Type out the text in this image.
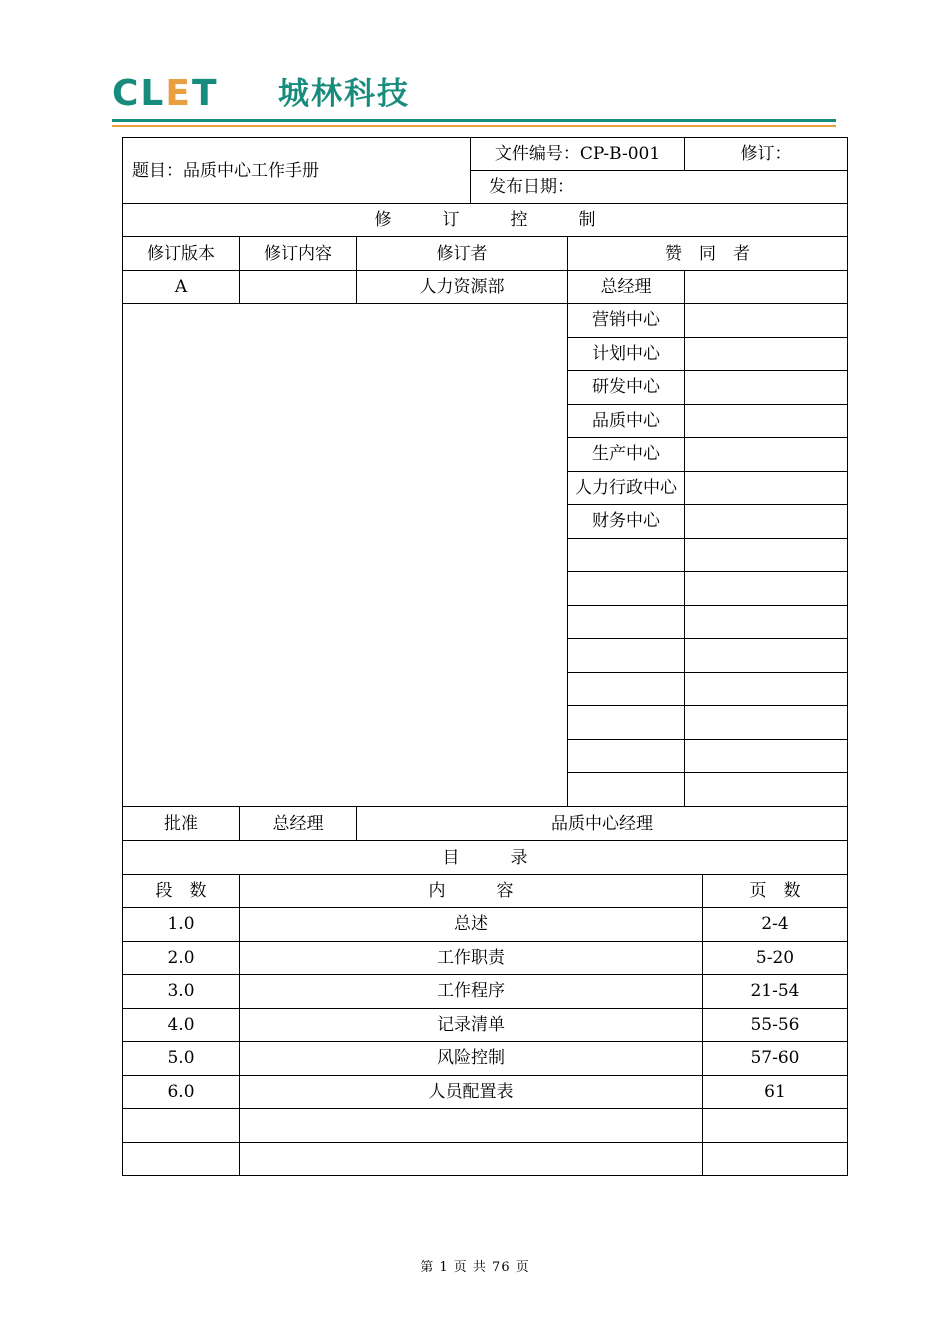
CLET 城林科技
题目：品质中心工作手册			文件编号：CP-B-001		修订：
			发布日期：		
修　　　订　　　控　　　制					
修订版本	修订内容	修订者		赞　同　者	
A		人力资源部		总经理	
				营销中心	
				计划中心	
				研发中心	
				品质中心	
				生产中心	
				人力行政中心	
				财务中心	

批准	总经理	品质中心经理	
目　　　录			
段　数	内　　　容		页　数
1.0	总述		2-4
2.0	工作职责		5-20
3.0	工作程序		21-54
4.0	记录清单		55-56
5.0	风险控制		57-60
6.0	人员配置表		61

第 1 页 共 76 页
